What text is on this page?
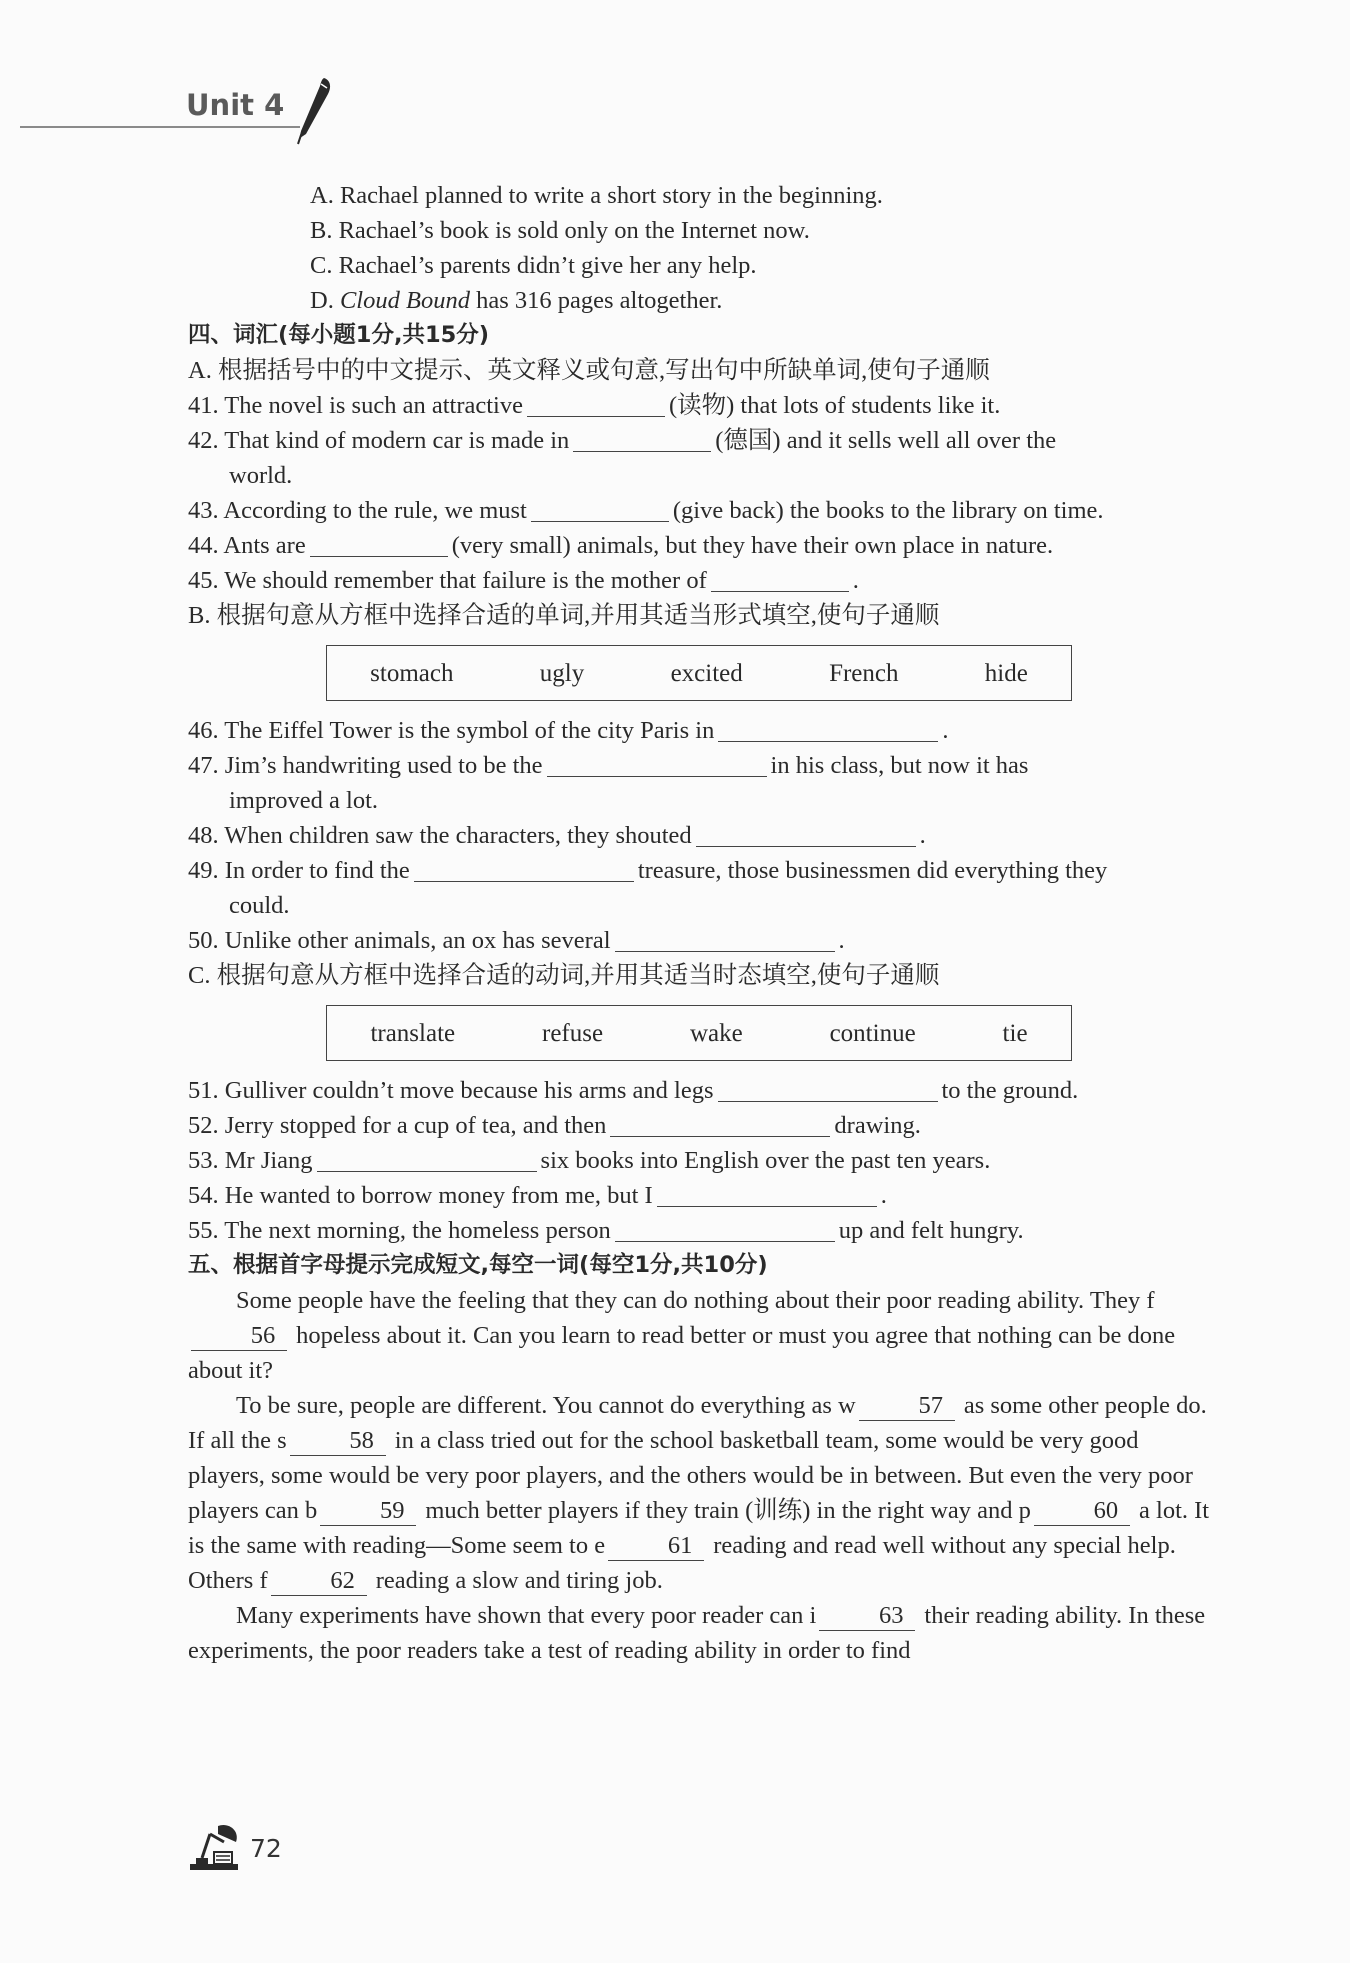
Unit 4
A. Rachael planned to write a short story in the beginning.
B. Rachael’s book is sold only on the Internet now.
C. Rachael’s parents didn’t give her any help.
D. Cloud Bound has 316 pages altogether.
四、词汇(每小题1分,共15分)
A. 根据括号中的中文提示、英文释义或句意,写出句中所缺单词,使句子通顺
41. The novel is such an attractive	(读物) that lots of students like it.
42. That kind of modern car is made in	(德国) and it sells well all over the
world.
43. According to the rule, we must	(give back) the books to the library on time.
44. Ants are	(very small) animals, but they have their own place in nature.
45. We should remember that failure is the mother of	.
B. 根据句意从方框中选择合适的单词,并用其适当形式填空,使句子通顺
stomach	ugly	excited	French	hide
46. The Eiffel Tower is the symbol of the city Paris in	.
47. Jim’s handwriting used to be the	in his class, but now it has
improved a lot.
48. When children saw the characters, they shouted	.
49. In order to find the	treasure, those businessmen did everything they
could.
50. Unlike other animals, an ox has several	.
C. 根据句意从方框中选择合适的动词,并用其适当时态填空,使句子通顺
translate	refuse	wake	continue	tie
51. Gulliver couldn’t move because his arms and legs	to the ground.
52. Jerry stopped for a cup of tea, and then	drawing.
53. Mr Jiang	six books into English over the past ten years.
54. He wanted to borrow money from me, but I	.
55. The next morning, the homeless person	up and felt hungry.
五、根据首字母提示完成短文,每空一词(每空1分,共10分)
Some people have the feeling that they can do nothing about their poor reading ability. They f56 hopeless about it. Can you learn to read better or must you agree that nothing can be done about it?
To be sure, people are different. You cannot do everything as w	57 as some other people do. If all the s	58 in a class tried out for the school basketball team, some would be very good players, some would be very poor players, and the others would be in between. But even the very poor players can b	59 much better players if they train (训练) in the right way and p	60 a lot. It is the same with reading—Some seem to e	61 reading and read well without any special help. Others f	62 reading a slow and tiring job.
Many experiments have shown that every poor reader can i	63 their reading ability. In these experiments, the poor readers take a test of reading ability in order to find
72
